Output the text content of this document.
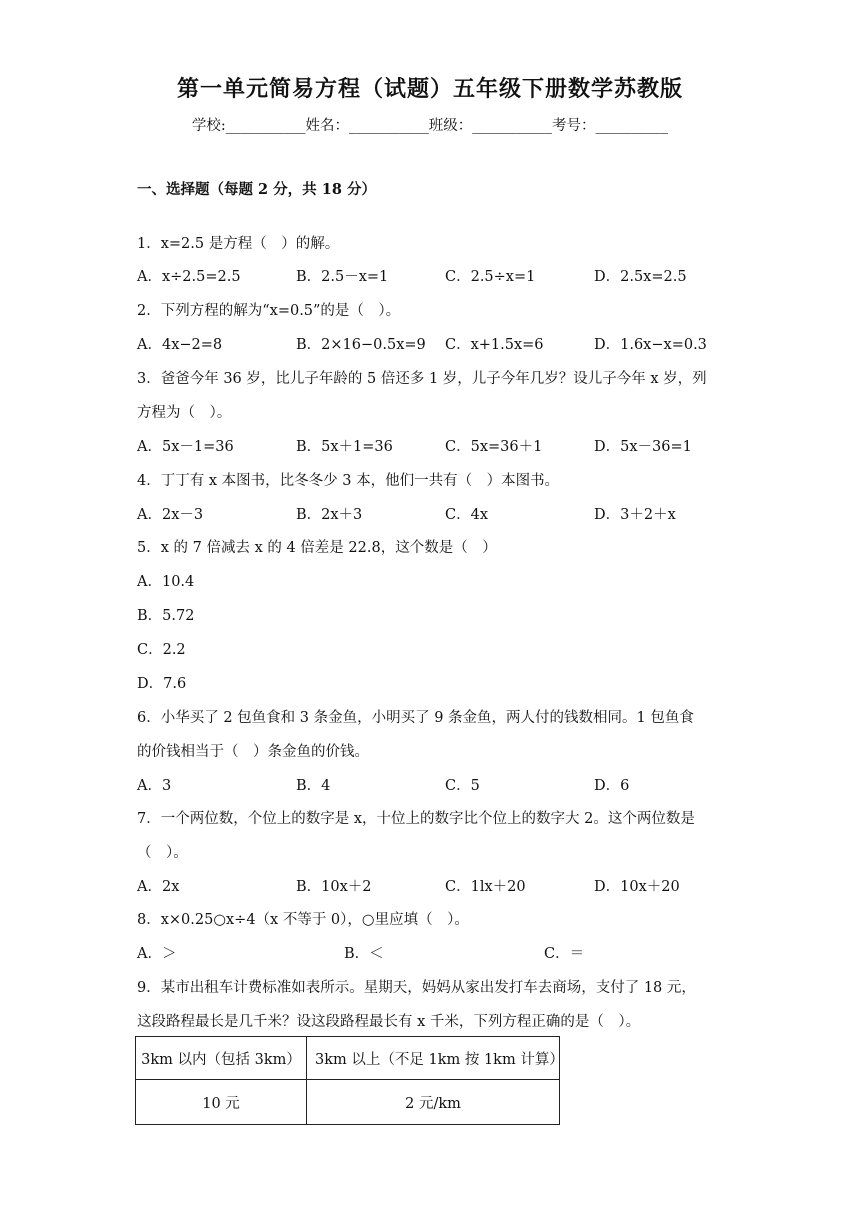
第一单元简易方程（试题）五年级下册数学苏教版
学校:___________姓名：___________班级：___________考号：__________
一、选择题（每题 2 分，共 18 分）
1．x=2.5 是方程（　）的解。
A．x÷2.5=2.5	B．2.5－x=1	C．2.5÷x=1	D．2.5x=2.5
2．下列方程的解为“x=0.5”的是（　）。
A．4x−2=8	B．2×16−0.5x=9 C．x+1.5x=6	D．1.6x−x=0.3
3．爸爸今年 36 岁，比儿子年龄的 5 倍还多 1 岁，儿子今年几岁？设儿子今年 x 岁，列
方程为（　）。
A．5x－1=36	B．5x＋1=36	C．5x=36＋1	D．5x－36=1
4．丁丁有 x 本图书，比冬冬少 3 本，他们一共有（　）本图书。
A．2x－3	B．2x＋3	C．4x	D．3＋2＋x
5．x 的 7 倍减去 x 的 4 倍差是 22.8，这个数是（　）
A．10.4
B．5.72
C．2.2
D．7.6
6．小华买了 2 包鱼食和 3 条金鱼，小明买了 9 条金鱼，两人付的钱数相同。1 包鱼食
的价钱相当于（　）条金鱼的价钱。
A．3	B．4	C．5	D．6
7．一个两位数，个位上的数字是 x，十位上的数字比个位上的数字大 2。这个两位数是
（　）。
A．2x	B．10x＋2	C．1lx＋20	D．10x＋20
8．x×0.25○x÷4（x 不等于 0），○里应填（　）。
A．＞	B．＜	C．＝
9．某市出租车计费标准如表所示。星期天，妈妈从家出发打车去商场，支付了 18 元，
这段路程最长是几千米？设这段路程最长有 x 千米，下列方程正确的是（　）。
3km 以内（包括 3km）	3km 以上（不足 1km 按 1km 计算）
10 元	2 元/km
